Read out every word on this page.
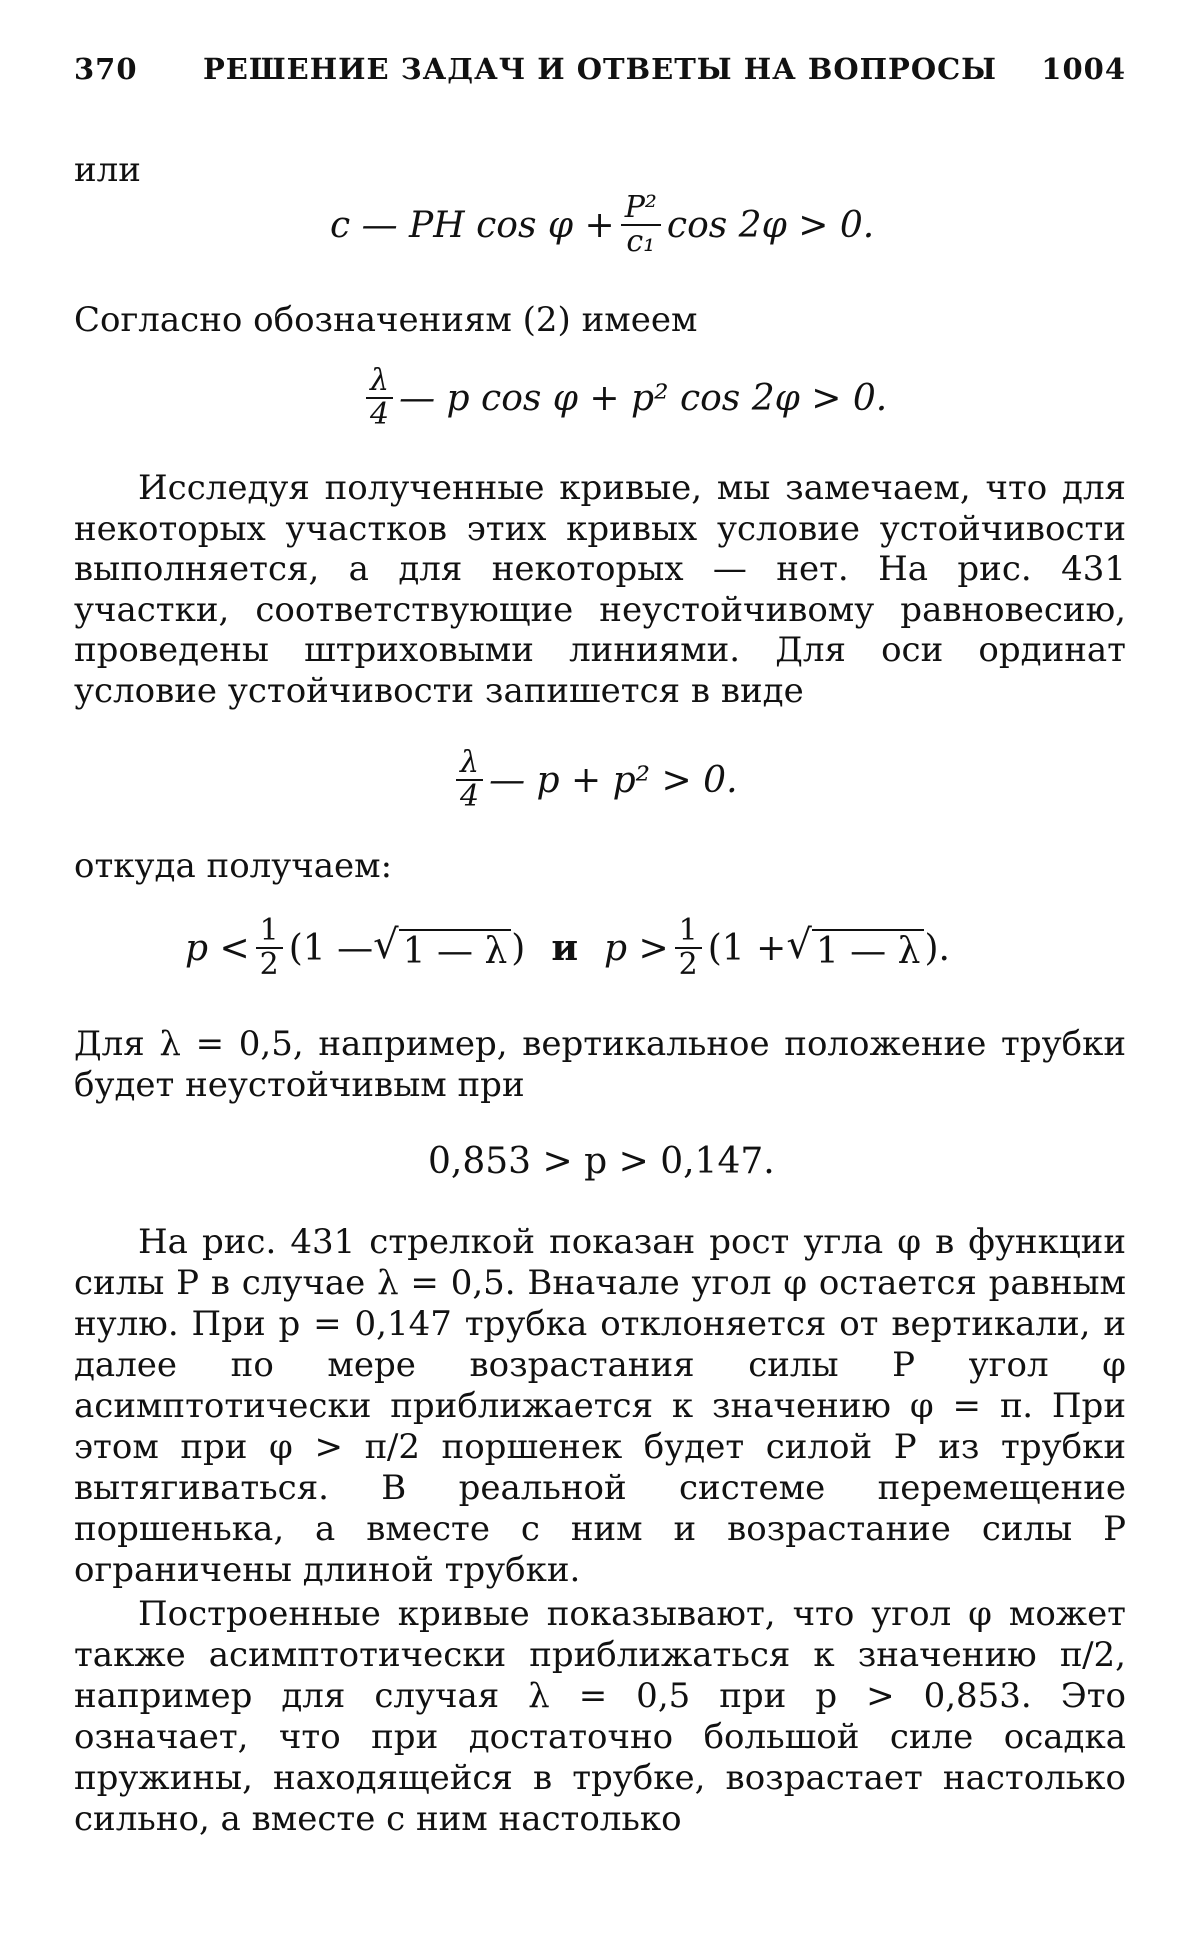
370	РЕШЕНИЕ ЗАДАЧ И ОТВЕТЫ НА ВОПРОСЫ	1004
или
c — PH $\cos \varphi + \frac{\text{P²}}{\text{c₁}}$ cos 2φ > 0.
Согласно обозначениям (2) имеем
$\frac{\lambda}{4}$ — p cos φ + p² cos 2φ > 0.

Исследуя полученные кривые, мы замечаем, что для некоторых участков этих кривых условие устойчивости выполняется, а для некоторых — нет. На рис. 431 участки, соответствующие неустойчивому равновесию, проведены штриховыми линиями. Для оси ординат условие устойчивости запишется в виде

$\frac{\lambda}{4}$ — p + p² > 0.
откуда получаем:
$p < \frac{1}{2} (1$ — √ 1 — λ ) и $p > \frac{1}{2} (1$ + √ 1 — λ ).

Для λ = 0,5, например, вертикальное положение трубки будет неустойчивым при

0,853 > p > 0,147.

На рис. 431 стрелкой показан рост угла φ в функции силы P в случае λ = 0,5. Вначале угол φ остается равным нулю. При p = 0,147 трубка отклоняется от вертикали, и далее по мере возрастания силы P угол φ асимптотически приближается к значению φ = π. При этом при φ > π/2 поршенек будет силой P из трубки вытягиваться. В реальной системе перемещение поршенька, а вместе с ним и возрастание силы P ограничены длиной трубки.

Построенные кривые показывают, что угол φ может также асимптотически приближаться к значению π/2, например для случая λ = 0,5 при p > 0,853. Это означает, что при достаточно большой силе осадка пружины, находящейся в трубке, возрастает настолько сильно, а вместе с ним настолько
